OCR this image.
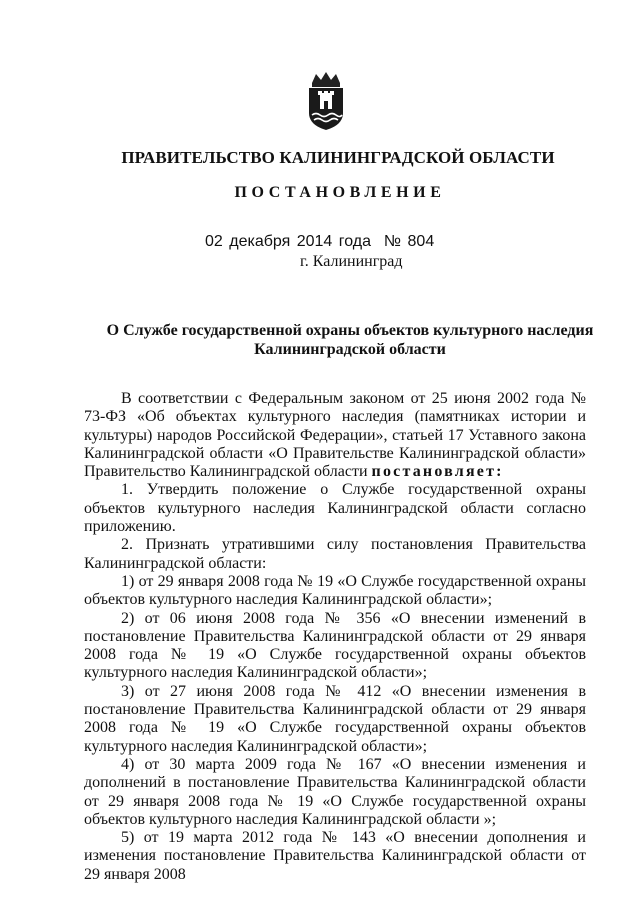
ПРАВИТЕЛЬСТВО КАЛИНИНГРАДСКОЙ ОБЛАСТИ
ПОСТАНОВЛЕНИЕ
02 декабря 2014 года  № 804
г. Калининград
О Службе государственной охраны объектов культурного наследия
Калининградской области

В соответствии с Федеральным законом от 25 июня 2002 года № 73-ФЗ «Об объектах культурного наследия (памятниках истории и культуры) народов Российской Федерации», статьей 17 Уставного закона Калининградской области «О Правительстве Калининградской области» Правительство Калининградской области постановляет:

1. Утвердить положение о Службе государственной охраны объектов культурного наследия Калининградской области согласно приложению.

2. Признать утратившими силу постановления Правительства Калининградской области:

1) от 29 января 2008 года № 19 «О Службе государственной охраны объектов культурного наследия Калининградской области»;

2) от 06 июня 2008 года № 356 «О внесении изменений в постановление Правительства Калининградской области от 29 января 2008 года № 19 «О Службе государственной охраны объектов культурного наследия Калининградской области»;

3) от 27 июня 2008 года № 412 «О внесении изменения в постановление Правительства Калининградской области от 29 января 2008 года № 19 «О Службе государственной охраны объектов культурного наследия Калининградской области»;

4) от 30 марта 2009 года № 167 «О внесении изменения и дополнений в постановление Правительства Калининградской области от 29 января 2008 года № 19 «О Службе государственной охраны объектов культурного наследия Калининградской области »;

5) от 19 марта 2012 года № 143 «О внесении дополнения и изменения постановление Правительства Калининградской области от 29 января 2008
